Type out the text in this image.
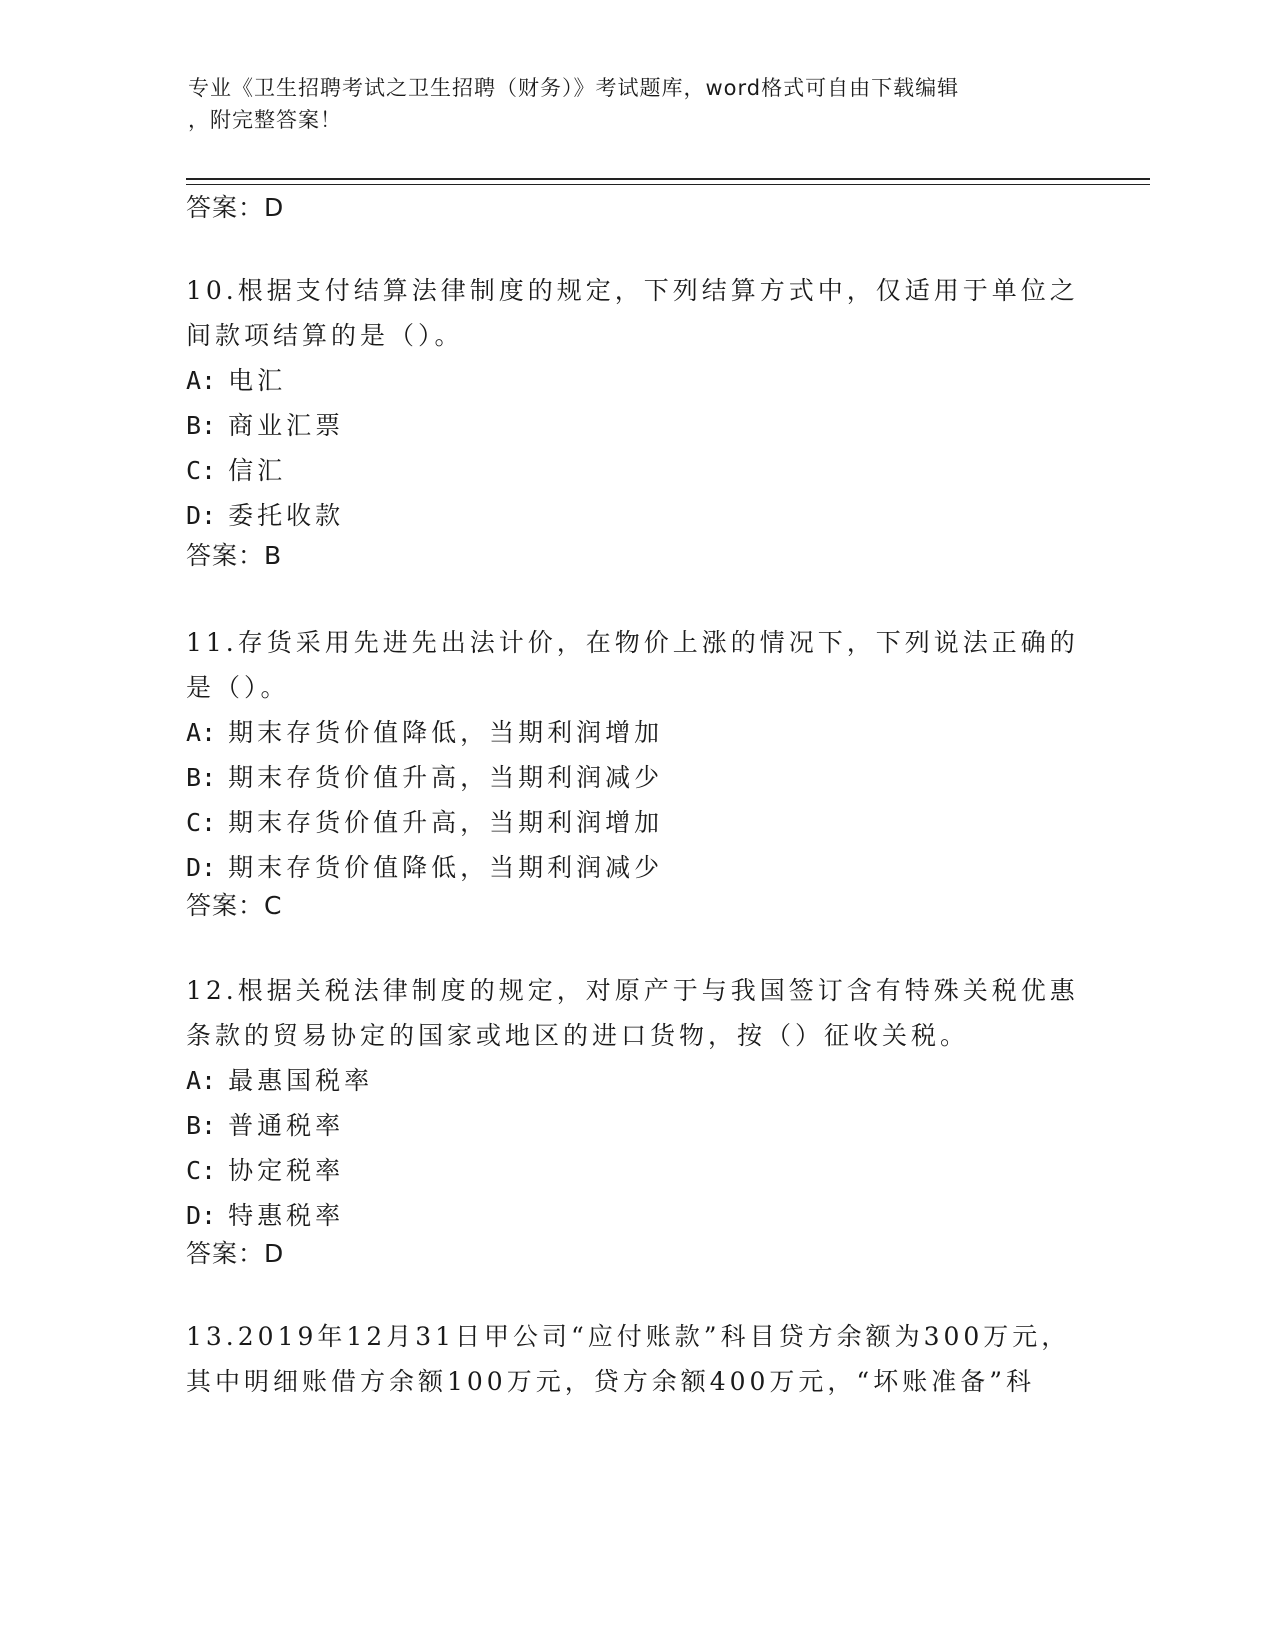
专业《卫生招聘考试之卫生招聘（财务）》考试题库，word格式可自由下载编辑
，附完整答案！
答案：D
10.根据支付结算法律制度的规定，下列结算方式中，仅适用于单位之
间款项结算的是（）。
A: 电汇
B: 商业汇票
C: 信汇
D: 委托收款
答案：B
11.存货采用先进先出法计价，在物价上涨的情况下，下列说法正确的
是（）。
A: 期末存货价值降低，当期利润增加
B: 期末存货价值升高，当期利润减少
C: 期末存货价值升高，当期利润增加
D: 期末存货价值降低，当期利润减少
答案：C
12.根据关税法律制度的规定，对原产于与我国签订含有特殊关税优惠
条款的贸易协定的国家或地区的进口货物，按（）征收关税。
A: 最惠国税率
B: 普通税率
C: 协定税率
D: 特惠税率
答案：D
13.2019年12月31日甲公司“应付账款”科目贷方余额为300万元，
其中明细账借方余额100万元，贷方余额400万元，“坏账准备”科
